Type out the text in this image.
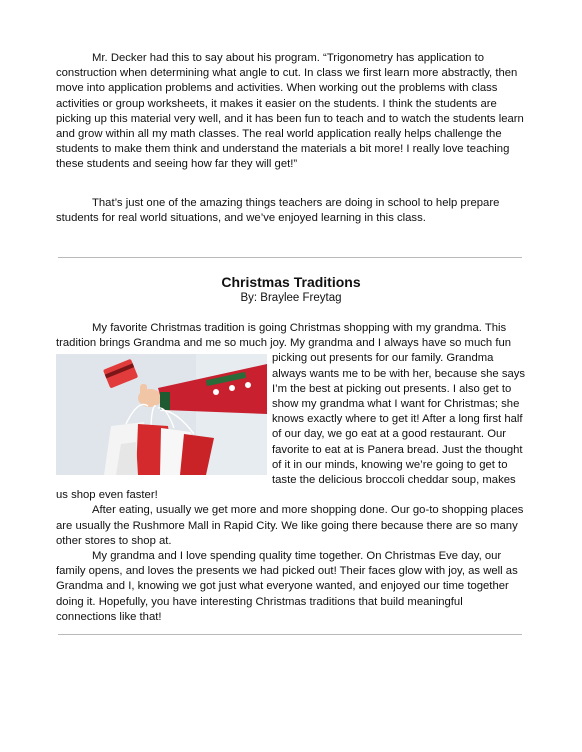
Mr. Decker had this to say about his program. “Trigonometry has application to construction when determining what angle to cut. In class we first learn more abstractly, then move into application problems and activities. When working out the problems with class activities or group worksheets, it makes it easier on the students. I think the students are picking up this material very well, and it has been fun to teach and to watch the students learn and grow within all my math classes. The real world application really helps challenge the students to make them think and understand the materials a bit more! I really love teaching these students and seeing how far they will get!”

That’s just one of the amazing things teachers are doing in school to help prepare students for real world situations, and we’ve enjoyed learning in this class.

Christmas Traditions
By: Braylee Freytag

My favorite Christmas tradition is going Christmas shopping with my grandma. This tradition brings Grandma and me so much joy. My grandma and I always have so much fun

picking out presents for our family. Grandma always wants me to be with her, because she says I’m the best at picking out presents. I also get to show my grandma what I want for Christmas; she knows exactly where to get it! After a long first half of our day, we go eat at a good restaurant. Our favorite to eat at is Panera bread. Just the thought of it in our minds, knowing we’re going to get to taste the delicious broccoli cheddar soup, makes us shop even faster!

After eating, usually we get more and more shopping done. Our go-to shopping places are usually the Rushmore Mall in Rapid City. We like going there because there are so many other stores to shop at.

My grandma and I love spending quality time together. On Christmas Eve day, our family opens, and loves the presents we had picked out! Their faces glow with joy, as well as Grandma and I, knowing we got just what everyone wanted, and enjoyed our time together doing it. Hopefully, you have interesting Christmas traditions that build meaningful connections like that!
